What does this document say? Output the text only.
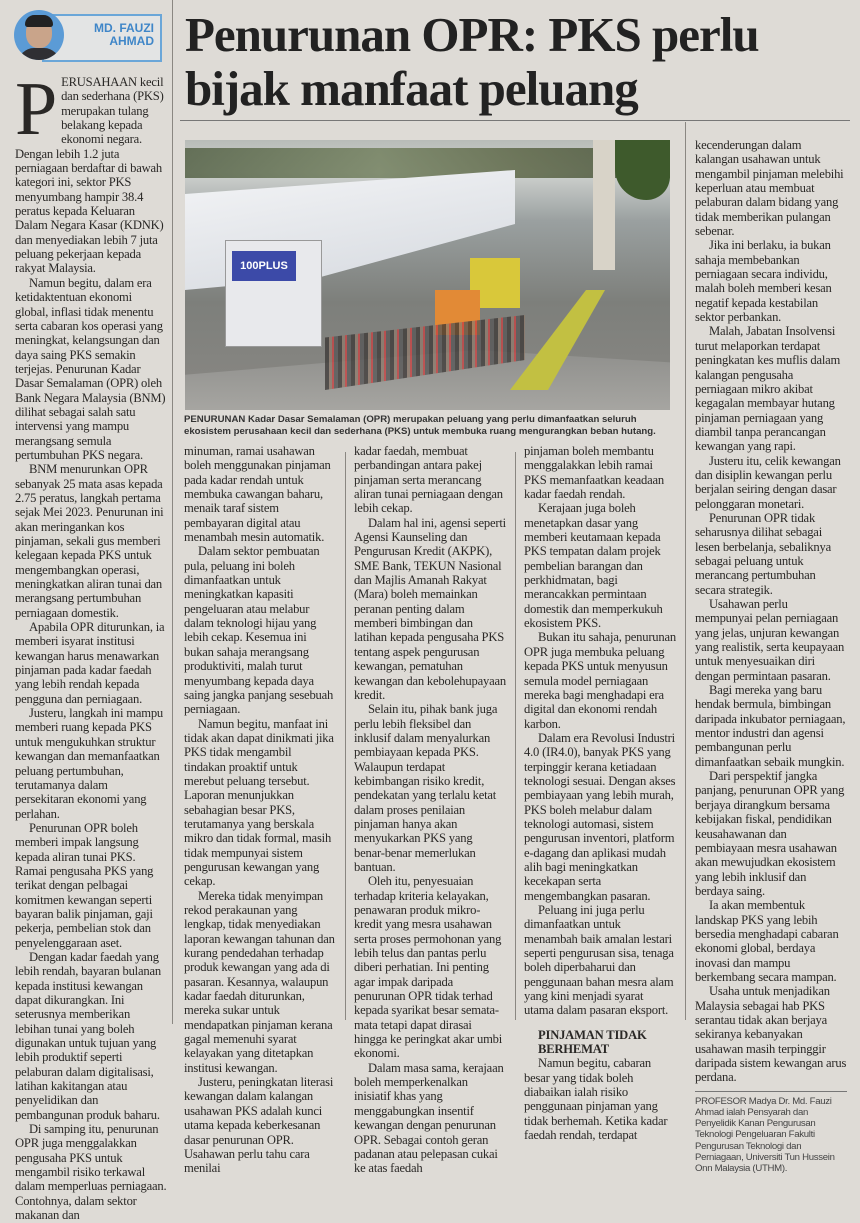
MD. FAUZI
AHMAD Penurunan OPR: PKS perlu bijak manfaat peluang
100PLUS

PERUSAHAAN kecil dan sederhana (PKS) merupakan tulang belakang kepada ekonomi negara. Dengan lebih 1.2 juta perniagaan berdaftar di bawah kategori ini, sektor PKS menyumbang hampir 38.4 peratus kepada Keluaran Dalam Negara Kasar (KDNK) dan menyediakan lebih 7 juta peluang pekerjaan kepada rakyat Malaysia.

Namun begitu, dalam era ketidaktentuan ekonomi global, inflasi tidak menentu serta cabaran kos operasi yang meningkat, kelangsungan dan daya saing PKS semakin terjejas. Penurunan Kadar Dasar Semalaman (OPR) oleh Bank Negara Malaysia (BNM) dilihat sebagai salah satu intervensi yang mampu merangsang semula pertumbuhan PKS negara.

BNM menurunkan OPR sebanyak 25 mata asas kepada 2.75 peratus, langkah pertama sejak Mei 2023. Penurunan ini akan meringankan kos pinjaman, sekali gus memberi kelegaan kepada PKS untuk mengembangkan operasi, meningkatkan aliran tunai dan merangsang pertumbuhan perniagaan domestik.

Apabila OPR diturunkan, ia memberi isyarat institusi kewangan harus menawarkan pinjaman pada kadar faedah yang lebih rendah kepada pengguna dan perniagaan.

Justeru, langkah ini mampu memberi ruang kepada PKS untuk mengukuhkan struktur kewangan dan memanfaatkan peluang pertumbuhan, terutamanya dalam persekitaran ekonomi yang perlahan.

Penurunan OPR boleh memberi impak langsung kepada aliran tunai PKS. Ramai pengusaha PKS yang terikat dengan pelbagai komitmen kewangan seperti bayaran balik pinjaman, gaji pekerja, pembelian stok dan penyelenggaraan aset.

Dengan kadar faedah yang lebih rendah, bayaran bulanan kepada institusi kewangan dapat dikurangkan. Ini seterusnya memberikan lebihan tunai yang boleh digunakan untuk tujuan yang lebih produktif seperti pelaburan dalam digitalisasi, latihan kakitangan atau penyelidikan dan pembangunan produk baharu.

Di samping itu, penurunan OPR juga menggalakkan pengusaha PKS untuk mengambil risiko terkawal dalam memperluas perniagaan. Contohnya, dalam sektor makanan dan

PENURUNAN Kadar Dasar Semalaman (OPR) merupakan peluang yang perlu dimanfaatkan seluruh ekosistem perusahaan kecil dan sederhana (PKS) untuk membuka ruang mengurangkan beban hutang.

minuman, ramai usahawan boleh menggunakan pinjaman pada kadar rendah untuk membuka cawangan baharu, menaik taraf sistem pembayaran digital atau menambah mesin automatik.

Dalam sektor pembuatan pula, peluang ini boleh dimanfaatkan untuk meningkatkan kapasiti pengeluaran atau melabur dalam teknologi hijau yang lebih cekap. Kesemua ini bukan sahaja merangsang produktiviti, malah turut menyumbang kepada daya saing jangka panjang sesebuah perniagaan.

Namun begitu, manfaat ini tidak akan dapat dinikmati jika PKS tidak mengambil tindakan proaktif untuk merebut peluang tersebut. Laporan menunjukkan sebahagian besar PKS, terutamanya yang berskala mikro dan tidak formal, masih tidak mempunyai sistem pengurusan kewangan yang cekap.

Mereka tidak menyimpan rekod perakaunan yang lengkap, tidak menyediakan laporan kewangan tahunan dan kurang pendedahan terhadap produk kewangan yang ada di pasaran. Kesannya, walaupun kadar faedah diturunkan, mereka sukar untuk mendapatkan pinjaman kerana gagal memenuhi syarat kelayakan yang ditetapkan institusi kewangan.

Justeru, peningkatan literasi kewangan dalam kalangan usahawan PKS adalah kunci utama kepada keberkesanan dasar penurunan OPR. Usahawan perlu tahu cara menilai

kadar faedah, membuat perbandingan antara pakej pinjaman serta merancang aliran tunai perniagaan dengan lebih cekap.

Dalam hal ini, agensi seperti Agensi Kaunseling dan Pengurusan Kredit (AKPK), SME Bank, TEKUN Nasional dan Majlis Amanah Rakyat (Mara) boleh memainkan peranan penting dalam memberi bimbingan dan latihan kepada pengusaha PKS tentang aspek pengurusan kewangan, pematuhan kewangan dan kebolehupayaan kredit.

Selain itu, pihak bank juga perlu lebih fleksibel dan inklusif dalam menyalurkan pembiayaan kepada PKS. Walaupun terdapat kebimbangan risiko kredit, pendekatan yang terlalu ketat dalam proses penilaian pinjaman hanya akan menyukarkan PKS yang benar-benar memerlukan bantuan.

Oleh itu, penyesuaian terhadap kriteria kelayakan, penawaran produk mikro-kredit yang mesra usahawan serta proses permohonan yang lebih telus dan pantas perlu diberi perhatian. Ini penting agar impak daripada penurunan OPR tidak terhad kepada syarikat besar semata-mata tetapi dapat dirasai hingga ke peringkat akar umbi ekonomi.

Dalam masa sama, kerajaan boleh memperkenalkan inisiatif khas yang menggabungkan insentif kewangan dengan penurunan OPR. Sebagai contoh geran padanan atau pelepasan cukai ke atas faedah

pinjaman boleh membantu menggalakkan lebih ramai PKS memanfaatkan keadaan kadar faedah rendah.

Kerajaan juga boleh menetapkan dasar yang memberi keutamaan kepada PKS tempatan dalam projek pembelian barangan dan perkhidmatan, bagi merancakkan permintaan domestik dan memperkukuh ekosistem PKS.

Bukan itu sahaja, penurunan OPR juga membuka peluang kepada PKS untuk menyusun semula model perniagaan mereka bagi menghadapi era digital dan ekonomi rendah karbon.

Dalam era Revolusi Industri 4.0 (IR4.0), banyak PKS yang terpinggir kerana ketiadaan teknologi sesuai. Dengan akses pembiayaan yang lebih murah, PKS boleh melabur dalam teknologi automasi, sistem pengurusan inventori, platform e-dagang dan aplikasi mudah alih bagi meningkatkan kecekapan serta mengembangkan pasaran.

Peluang ini juga perlu dimanfaatkan untuk menambah baik amalan lestari seperti pengurusan sisa, tenaga boleh diperbaharui dan penggunaan bahan mesra alam yang kini menjadi syarat utama dalam pasaran eksport.

PINJAMAN TIDAK BERHEMAT

Namun begitu, cabaran besar yang tidak boleh diabaikan ialah risiko penggunaan pinjaman yang tidak berhemah. Ketika kadar faedah rendah, terdapat

kecenderungan dalam kalangan usahawan untuk mengambil pinjaman melebihi keperluan atau membuat pelaburan dalam bidang yang tidak memberikan pulangan sebenar.

Jika ini berlaku, ia bukan sahaja membebankan perniagaan secara individu, malah boleh memberi kesan negatif kepada kestabilan sektor perbankan.

Malah, Jabatan Insolvensi turut melaporkan terdapat peningkatan kes muflis dalam kalangan pengusaha perniagaan mikro akibat kegagalan membayar hutang pinjaman perniagaan yang diambil tanpa perancangan kewangan yang rapi.

Justeru itu, celik kewangan dan disiplin kewangan perlu berjalan seiring dengan dasar pelonggaran monetari.

Penurunan OPR tidak seharusnya dilihat sebagai lesen berbelanja, sebaliknya sebagai peluang untuk merancang pertumbuhan secara strategik.

Usahawan perlu mempunyai pelan perniagaan yang jelas, unjuran kewangan yang realistik, serta keupayaan untuk menyesuaikan diri dengan permintaan pasaran.

Bagi mereka yang baru hendak bermula, bimbingan daripada inkubator perniagaan, mentor industri dan agensi pembangunan perlu dimanfaatkan sebaik mungkin.

Dari perspektif jangka panjang, penurunan OPR yang berjaya dirangkum bersama kebijakan fiskal, pendidikan keusahawanan dan pembiayaan mesra usahawan akan mewujudkan ekosistem yang lebih inklusif dan berdaya saing.

Ia akan membentuk landskap PKS yang lebih bersedia menghadapi cabaran ekonomi global, berdaya inovasi dan mampu berkembang secara mampan.

Usaha untuk menjadikan Malaysia sebagai hab PKS serantau tidak akan berjaya sekiranya kebanyakan usahawan masih terpinggir daripada sistem kewangan arus perdana.

PROFESOR Madya Dr. Md. Fauzi Ahmad ialah Pensyarah dan Penyelidik Kanan Pengurusan Teknologi Pengeluaran Fakulti Pengurusan Teknologi dan Perniagaan, Universiti Tun Hussein Onn Malaysia (UTHM).
